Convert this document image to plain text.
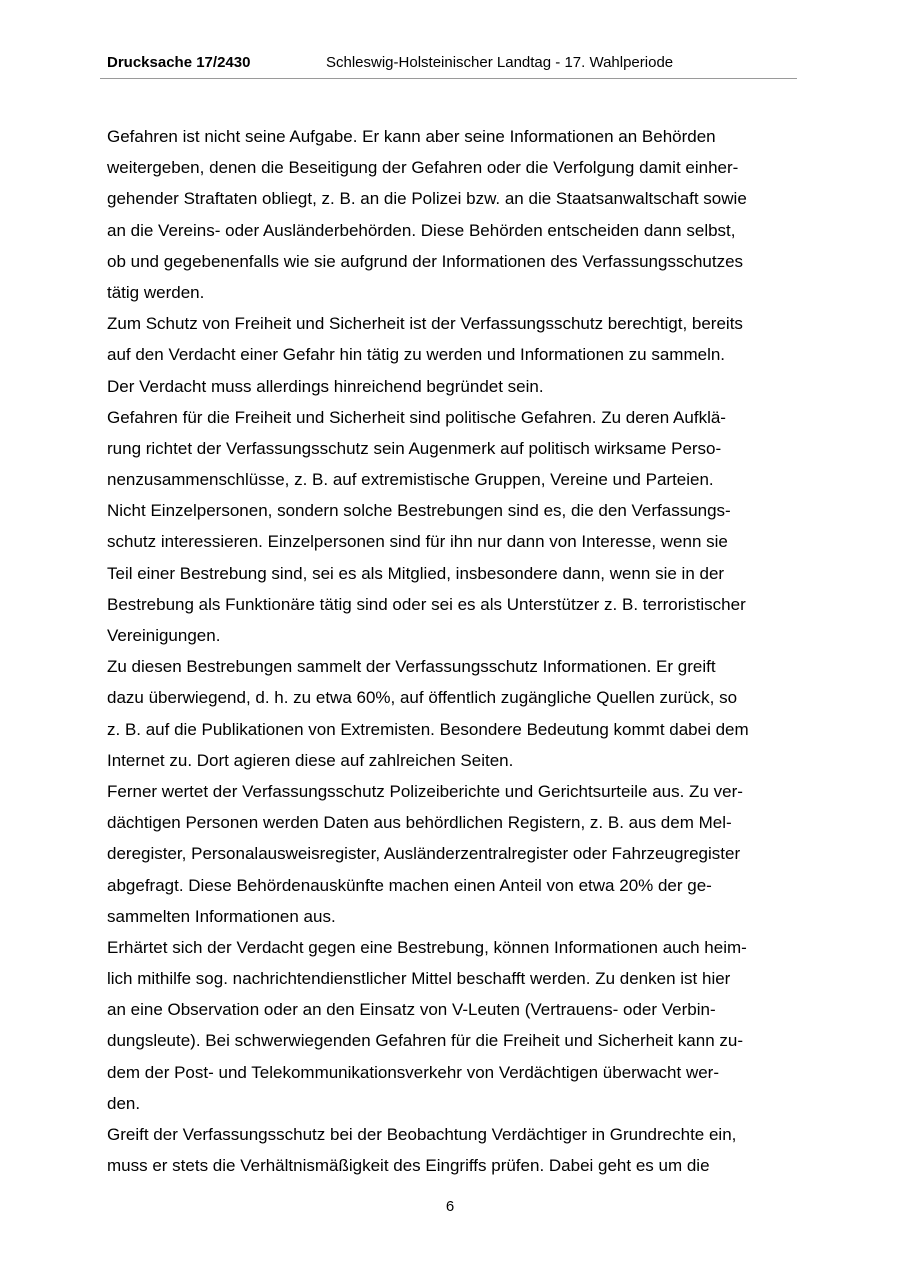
Drucksache 17/2430	Schleswig-Holsteinischer Landtag - 17. Wahlperiode
Gefahren ist nicht seine Aufgabe. Er kann aber seine Informationen an Behörden
weitergeben, denen die Beseitigung der Gefahren oder die Verfolgung damit einher-
gehender Straftaten obliegt, z. B. an die Polizei bzw. an die Staatsanwaltschaft sowie
an die Vereins- oder Ausländerbehörden. Diese Behörden entscheiden dann selbst,
ob und gegebenenfalls wie sie aufgrund der Informationen des Verfassungsschutzes
tätig werden.
Zum Schutz von Freiheit und Sicherheit ist der Verfassungsschutz berechtigt, bereits
auf den Verdacht einer Gefahr hin tätig zu werden und Informationen zu sammeln.
Der Verdacht muss allerdings hinreichend begründet sein.
Gefahren für die Freiheit und Sicherheit sind politische Gefahren. Zu deren Aufklä-
rung richtet der Verfassungsschutz sein Augenmerk auf politisch wirksame Perso-
nenzusammenschlüsse, z. B. auf extremistische Gruppen, Vereine und Parteien.
Nicht Einzelpersonen, sondern solche Bestrebungen sind es, die den Verfassungs-
schutz interessieren. Einzelpersonen sind für ihn nur dann von Interesse, wenn sie
Teil einer Bestrebung sind, sei es als Mitglied, insbesondere dann, wenn sie in der
Bestrebung als Funktionäre tätig sind oder sei es als Unterstützer z. B. terroristischer
Vereinigungen.
Zu diesen Bestrebungen sammelt der Verfassungsschutz Informationen. Er greift
dazu überwiegend, d. h. zu etwa 60%, auf öffentlich zugängliche Quellen zurück, so
z. B. auf die Publikationen von Extremisten. Besondere Bedeutung kommt dabei dem
Internet zu. Dort agieren diese auf zahlreichen Seiten.
Ferner wertet der Verfassungsschutz Polizeiberichte und Gerichtsurteile aus. Zu ver-
dächtigen Personen werden Daten aus behördlichen Registern, z. B. aus dem Mel-
deregister, Personalausweisregister, Ausländerzentralregister oder Fahrzeugregister
abgefragt. Diese Behördenauskünfte machen einen Anteil von etwa 20% der ge-
sammelten Informationen aus.
Erhärtet sich der Verdacht gegen eine Bestrebung, können Informationen auch heim-
lich mithilfe sog. nachrichtendienstlicher Mittel beschafft werden. Zu denken ist hier
an eine Observation oder an den Einsatz von V-Leuten (Vertrauens- oder Verbin-
dungsleute). Bei schwerwiegenden Gefahren für die Freiheit und Sicherheit kann zu-
dem der Post- und Telekommunikationsverkehr von Verdächtigen überwacht wer-
den.
Greift der Verfassungsschutz bei der Beobachtung Verdächtiger in Grundrechte ein,
muss er stets die Verhältnismäßigkeit des Eingriffs prüfen. Dabei geht es um die
6
